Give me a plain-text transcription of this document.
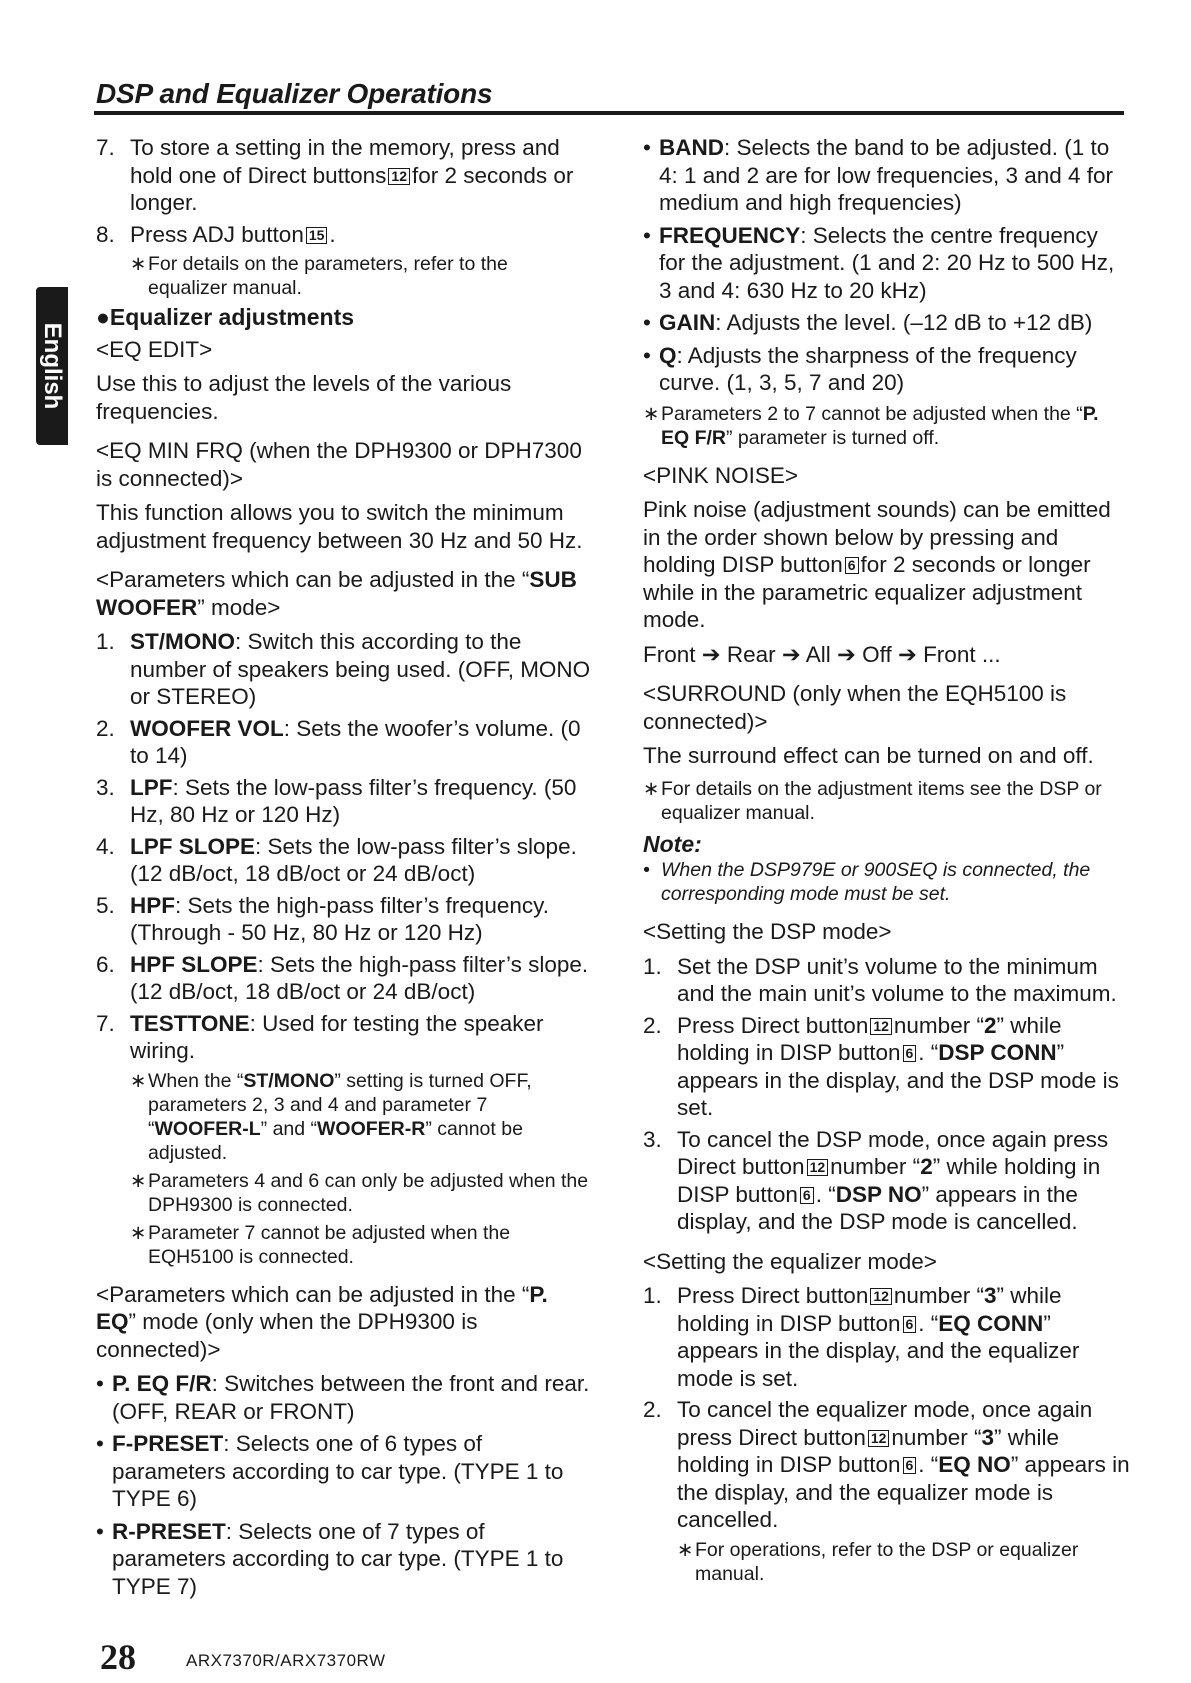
DSP and Equalizer Operations
English
7. To store a setting in the memory, press and hold one of Direct buttons 12 for 2 seconds or longer.
8. Press ADJ button 15 .
∗ For details on the parameters, refer to the equalizer manual.
●Equalizer adjustments
<EQ EDIT>
Use this to adjust the levels of the various frequencies.
<EQ MIN FRQ (when the DPH9300 or DPH7300 is connected)>
This function allows you to switch the minimum adjustment frequency between 30 Hz and 50 Hz.
<Parameters which can be adjusted in the “SUB WOOFER” mode>
1. ST/MONO: Switch this according to the number of speakers being used. (OFF, MONO or STEREO)
2. WOOFER VOL: Sets the woofer’s volume. (0 to 14)
3. LPF: Sets the low-pass filter’s frequency. (50 Hz, 80 Hz or 120 Hz)
4. LPF SLOPE: Sets the low-pass filter’s slope. (12 dB/oct, 18 dB/oct or 24 dB/oct)
5. HPF: Sets the high-pass filter’s frequency. (Through - 50 Hz, 80 Hz or 120 Hz)
6. HPF SLOPE: Sets the high-pass filter’s slope. (12 dB/oct, 18 dB/oct or 24 dB/oct)
7. TESTTONE: Used for testing the speaker wiring.
∗ When the “ST/MONO” setting is turned OFF, parameters 2, 3 and 4 and parameter 7 “WOOFER-L” and “WOOFER-R” cannot be adjusted.
∗ Parameters 4 and 6 can only be adjusted when the DPH9300 is connected.
∗ Parameter 7 cannot be adjusted when the EQH5100 is connected.
<Parameters which can be adjusted in the “P. EQ” mode (only when the DPH9300 is connected)>
• P. EQ F/R: Switches between the front and rear. (OFF, REAR or FRONT)
• F-PRESET: Selects one of 6 types of parameters according to car type. (TYPE 1 to TYPE 6)
• R-PRESET: Selects one of 7 types of parameters according to car type. (TYPE 1 to TYPE 7)
• BAND: Selects the band to be adjusted. (1 to 4: 1 and 2 are for low frequencies, 3 and 4 for medium and high frequencies)
• FREQUENCY: Selects the centre frequency for the adjustment. (1 and 2: 20 Hz to 500 Hz, 3 and 4: 630 Hz to 20 kHz)
• GAIN: Adjusts the level. (–12 dB to +12 dB)
• Q: Adjusts the sharpness of the frequency curve. (1, 3, 5, 7 and 20)
∗ Parameters 2 to 7 cannot be adjusted when the “P. EQ F/R” parameter is turned off.
<PINK NOISE>
Pink noise (adjustment sounds) can be emitted in the order shown below by pressing and holding DISP button 6 for 2 seconds or longer while in the parametric equalizer adjustment mode.
Front ➔ Rear ➔ All ➔ Off ➔ Front ...
<SURROUND (only when the EQH5100 is connected)>
The surround effect can be turned on and off.
∗ For details on the adjustment items see the DSP or equalizer manual.
Note:
• When the DSP979E or 900SEQ is connected, the corresponding mode must be set.
<Setting the DSP mode>
1. Set the DSP unit’s volume to the minimum and the main unit’s volume to the maximum.
2. Press Direct button 12 number “2” while holding in DISP button 6 . “DSP CONN” appears in the display, and the DSP mode is set.
3. To cancel the DSP mode, once again press Direct button 12 number “2” while holding in DISP button 6 . “DSP NO” appears in the display, and the DSP mode is cancelled.
<Setting the equalizer mode>
1. Press Direct button 12 number “3” while holding in DISP button 6 . “EQ CONN” appears in the display, and the equalizer mode is set.
2. To cancel the equalizer mode, once again press Direct button 12 number “3” while holding in DISP button 6 . “EQ NO” appears in the display, and the equalizer mode is cancelled.
∗ For operations, refer to the DSP or equalizer manual.
28	ARX7370R/ARX7370RW
